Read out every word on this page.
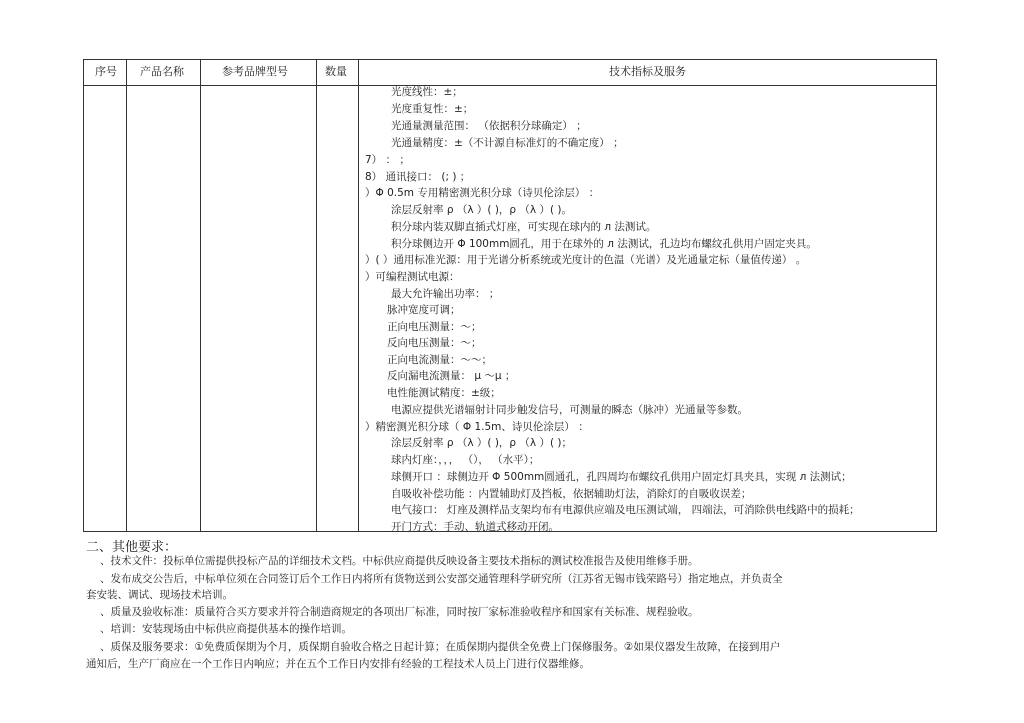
序号	产品名称	参考品牌型号	数量	技术指标及服务
光度线性：±；
光度重复性：±；
光通量测量范围： （依据积分球确定） ；
光通量精度：±（不计源自标准灯的不确定度） ；
7） ： ；
8） 通讯接口： (; ) ；
）Φ 0.5m 专用精密测光积分球（诗贝伦涂层） ：
涂层反射率 ρ （λ ）( )，ρ （λ ）( )。
积分球内装双脚直插式灯座，可实现在球内的 л 法测试。
积分球侧边开 Φ 100mm圆孔，用于在球外的 л 法测试，孔边均布螺纹孔供用户固定夹具。
）( ）通用标准光源：用于光谱分析系统或光度计的色温（光谱）及光通量定标（量值传递） 。
）可编程测试电源：
最大允许输出功率： ；
脉冲宽度可调；
正向电压测量：～；
反向电压测量：～；
正向电流测量：～～；
反向漏电流测量： μ ～μ ；
电性能测试精度：±级；
电源应提供光谱辐射计同步触发信号，可测量的瞬态（脉冲）光通量等参数。
）精密测光积分球（ Φ 1.5m、诗贝伦涂层） ：
涂层反射率 ρ （λ ）( )，ρ （λ ）( )；
球内灯座：，，， （）， （水平）；
球侧开口 ：球侧边开 Φ 500mm圆通孔，孔四周均布螺纹孔供用户固定灯具夹具，实现 л 法测试；
自吸收补偿功能 ：内置辅助灯及挡板，依据辅助灯法，消除灯的自吸收误差；
电气接口： 灯座及测样品支架均布有电源供应端及电压测试端， 四端法，可消除供电线路中的损耗；
开门方式：手动、轨道式移动开闭。
二、其他要求：
、技术文件：投标单位需提供投标产品的详细技术文档。中标供应商提供反映设备主要技术指标的测试校准报告及使用维修手册。
、发布成交公告后，中标单位须在合同签订后个工作日内将所有货物送到公安部交通管理科学研究所（江苏省无锡市钱荣路号）指定地点，并负责全
套安装、调试、现场技术培训。
、质量及验收标准：质量符合买方要求并符合制造商规定的各项出厂标准，同时按厂家标准验收程序和国家有关标准、规程验收。
、培训：安装现场由中标供应商提供基本的操作培训。
、质保及服务要求：①免费质保期为个月，质保期自验收合格之日起计算；在质保期内提供全免费上门保修服务。②如果仪器发生故障，在接到用户
通知后，生产厂商应在一个工作日内响应；并在五个工作日内安排有经验的工程技术人员上门进行仪器维修。
